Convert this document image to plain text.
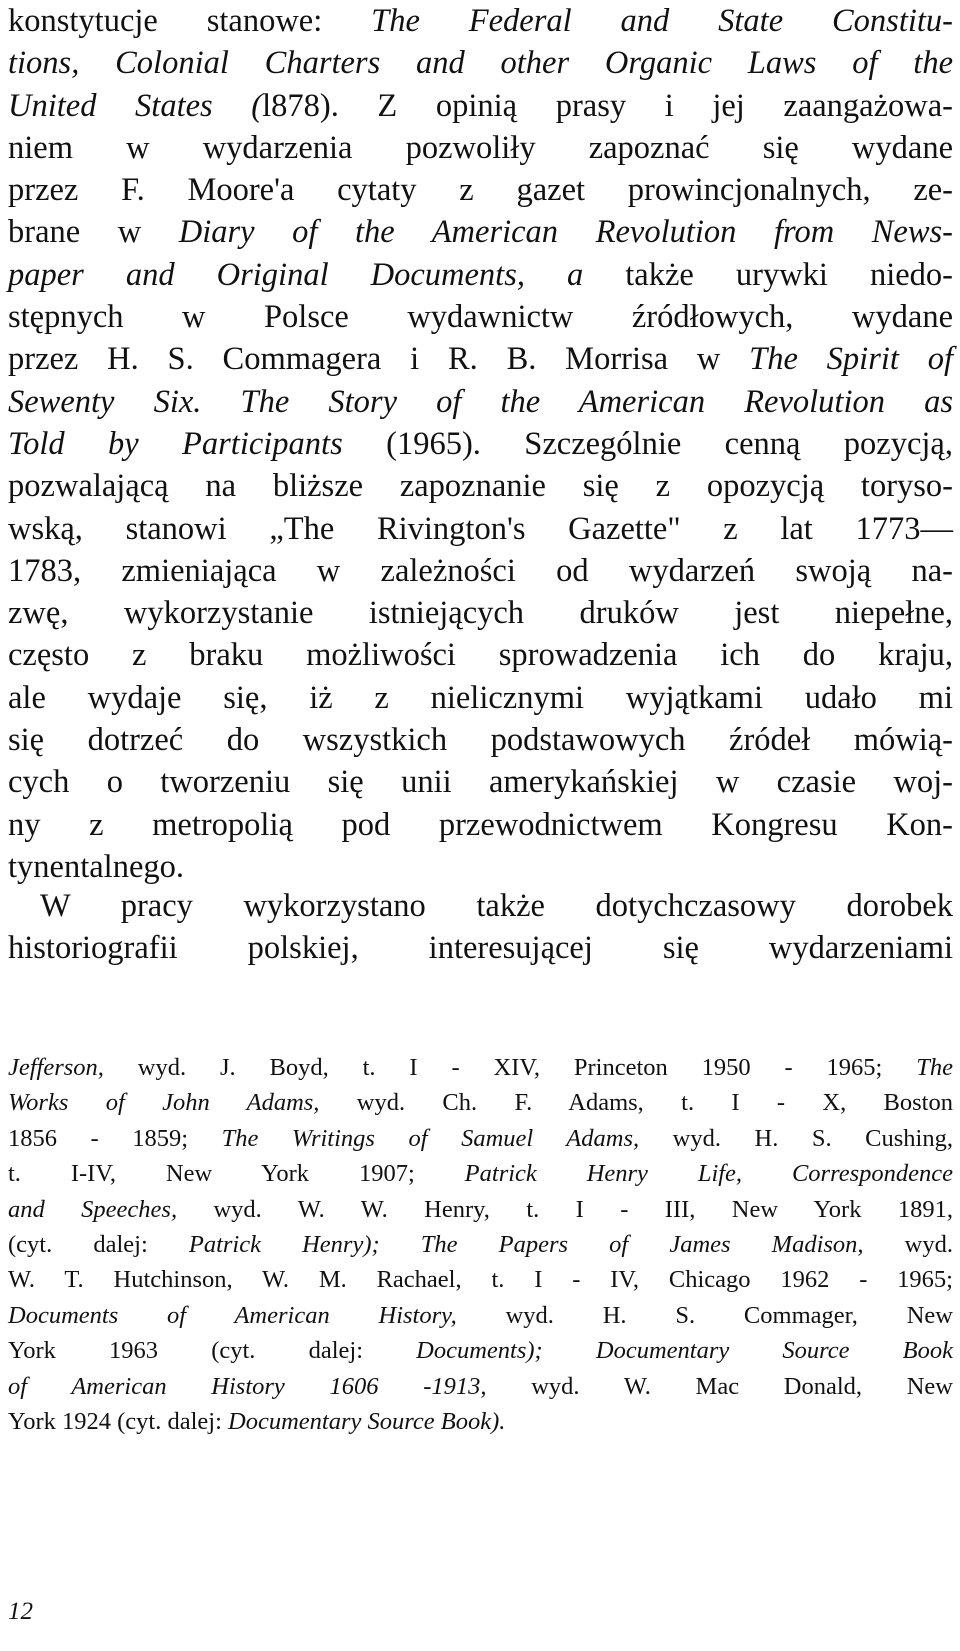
konstytucje stanowe: The Federal and State Constitu-
tions, Colonial Charters and other Organic Laws of the
United States (l878). Z opinią prasy i jej zaangażowa-
niem w wydarzenia pozwoliły zapoznać się wydane
przez F. Moore'a cytaty z gazet prowincjonalnych, ze-
brane w Diary of the American Revolution from News-
paper and Original Documents, a także urywki niedo-
stępnych w Polsce wydawnictw źródłowych, wydane
przez H. S. Commagera i R. B. Morrisa w The Spirit of
Sewenty Six. The Story of the American Revolution as
Told by Participants (1965). Szczególnie cenną pozycją,
pozwalającą na bliższe zapoznanie się z opozycją toryso-
wską, stanowi „The Rivington's Gazette" z lat 1773—
1783, zmieniająca w zależności od wydarzeń swoją na-
zwę, wykorzystanie istniejących druków jest niepełne,
często z braku możliwości sprowadzenia ich do kraju,
ale wydaje się, iż z nielicznymi wyjątkami udało mi
się dotrzeć do wszystkich podstawowych źródeł mówią-
cych o tworzeniu się unii amerykańskiej w czasie woj-
ny z metropolią pod przewodnictwem Kongresu Kon-
tynentalnego.
W pracy wykorzystano także dotychczasowy dorobek
historiografii polskiej, interesującej się wydarzeniami
Jefferson, wyd. J. Boyd, t. I - XIV, Princeton 1950 - 1965; The
Works of John Adams, wyd. Ch. F. Adams, t. I - X, Boston
1856 - 1859; The Writings of Samuel Adams, wyd. H. S. Cushing,
t. I-IV, New York 1907; Patrick Henry Life, Correspondence
and Speeches, wyd. W. W. Henry, t. I - III, New York 1891,
(cyt. dalej: Patrick Henry); The Papers of James Madison, wyd.
W. T. Hutchinson, W. M. Rachael, t. I - IV, Chicago 1962 - 1965;
Documents of American History, wyd. H. S. Commager, New
York 1963 (cyt. dalej: Documents); Documentary Source Book
of American History 1606 -1913, wyd. W. Mac Donald, New
York 1924 (cyt. dalej: Documentary Source Book).
12
